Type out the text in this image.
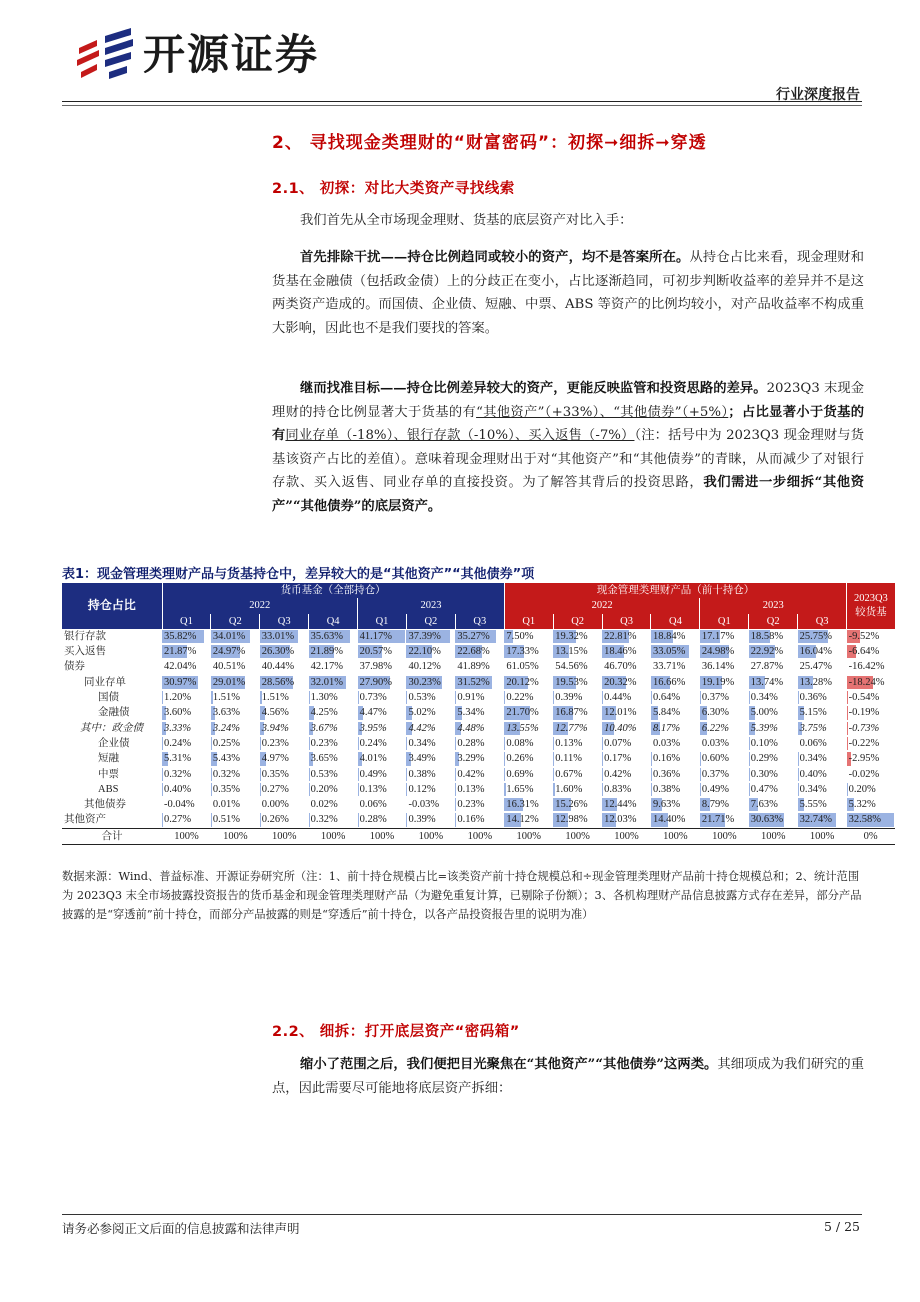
开源证券
行业深度报告
2、 寻找现金类理财的“财富密码”：初探➞细拆➞穿透
2.1、 初探：对比大类资产寻找线索
我们首先从全市场现金理财、货基的底层资产对比入手：
首先排除干扰——持仓比例趋同或较小的资产，均不是答案所在。从持仓占比来看，现金理财和货基在金融债（包括政金债）上的分歧正在变小，占比逐渐趋同，可初步判断收益率的差异并不是这两类资产造成的。而国债、企业债、短融、中票、ABS 等资产的比例均较小，对产品收益率不构成重大影响，因此也不是我们要找的答案。
继而找准目标——持仓比例差异较大的资产，更能反映监管和投资思路的差异。2023Q3 末现金理财的持仓比例显著大于货基的有“其他资产”（+33%）、“其他债券”（+5%）；占比显著小于货基的有同业存单（-18%）、银行存款（-10%）、买入返售（-7%）（注：括号中为 2023Q3 现金理财与货基该资产占比的差值）。意味着现金理财出于对“其他资产”和“其他债券”的青睐，从而减少了对银行存款、买入返售、同业存单的直接投资。为了解答其背后的投资思路，我们需进一步细拆“其他资产”“其他债券”的底层资产。
表1：现金管理类理财产品与货基持仓中，差异较大的是“其他资产”“其他债券”项
持仓占比	货币基金（全部持仓）							现金管理类理财产品（前十持仓）							2023Q3
较货基
	2022				2023			2022				2023			
	Q1	Q2	Q3	Q4	Q1	Q2	Q3	Q1	Q2	Q3	Q4	Q1	Q2	Q3	
银行存款	35.82%	34.01%	33.01%	35.63%	41.17%	37.39%	35.27%	7.50%	19.32%	22.81%	18.84%	17.17%	18.58%	25.75%	-9.52%
买入返售	21.87%	24.97%	26.30%	21.89%	20.57%	22.10%	22.68%	17.33%	13.15%	18.46%	33.05%	24.98%	22.92%	16.04%	-6.64%
债券	42.04%	40.51%	40.44%	42.17%	37.98%	40.12%	41.89%	61.05%	54.56%	46.70%	33.71%	36.14%	27.87%	25.47%	-16.42%
同业存单	30.97%	29.01%	28.56%	32.01%	27.90%	30.23%	31.52%	20.12%	19.53%	20.32%	16.66%	19.19%	13.74%	13.28%	-18.24%
国债	1.20%	1.51%	1.51%	1.30%	0.73%	0.53%	0.91%	0.22%	0.39%	0.44%	0.64%	0.37%	0.34%	0.36%	-0.54%
金融债	3.60%	3.63%	4.56%	4.25%	4.47%	5.02%	5.34%	21.70%	16.87%	12.01%	5.84%	6.30%	5.00%	5.15%	-0.19%
其中：政金债	3.33%	3.24%	3.94%	3.67%	3.95%	4.42%	4.48%	13.55%	12.77%	10.40%	8.17%	6.22%	5.39%	3.75%	-0.73%
企业债	0.24%	0.25%	0.23%	0.23%	0.24%	0.34%	0.28%	0.08%	0.13%	0.07%	0.03%	0.03%	0.10%	0.06%	-0.22%
短融	5.31%	5.43%	4.97%	3.65%	4.01%	3.49%	3.29%	0.26%	0.11%	0.17%	0.16%	0.60%	0.29%	0.34%	-2.95%
中票	0.32%	0.32%	0.35%	0.53%	0.49%	0.38%	0.42%	0.69%	0.67%	0.42%	0.36%	0.37%	0.30%	0.40%	-0.02%
ABS	0.40%	0.35%	0.27%	0.20%	0.13%	0.12%	0.13%	1.65%	1.60%	0.83%	0.38%	0.49%	0.47%	0.34%	0.20%
其他债券	-0.04%	0.01%	0.00%	0.02%	0.06%	-0.03%	0.23%	16.31%	15.26%	12.44%	9.63%	8.79%	7.63%	5.55%	5.32%
其他资产	0.27%	0.51%	0.26%	0.32%	0.28%	0.39%	0.16%	14.12%	12.98%	12.03%	14.40%	21.71%	30.63%	32.74%	32.58%
合计	100%	100%	100%	100%	100%	100%	100%	100%	100%	100%	100%	100%	100%	100%	0%
数据来源：Wind、普益标准、开源证券研究所（注：1、前十持仓规模占比=该类资产前十持仓规模总和÷现金管理类理财产品前十持仓规模总和；2、统计范围为 2023Q3 末全市场披露投资报告的货币基金和现金管理类理财产品（为避免重复计算，已剔除子份额）；3、各机构理财产品信息披露方式存在差异，部分产品披露的是“穿透前”前十持仓，而部分产品披露的则是“穿透后”前十持仓，以各产品投资报告里的说明为准）
2.2、 细拆：打开底层资产“密码箱”
缩小了范围之后，我们便把目光聚焦在“其他资产”“其他债券”这两类。其细项成为我们研究的重点，因此需要尽可能地将底层资产拆细：
请务必参阅正文后面的信息披露和法律声明	5 / 25
